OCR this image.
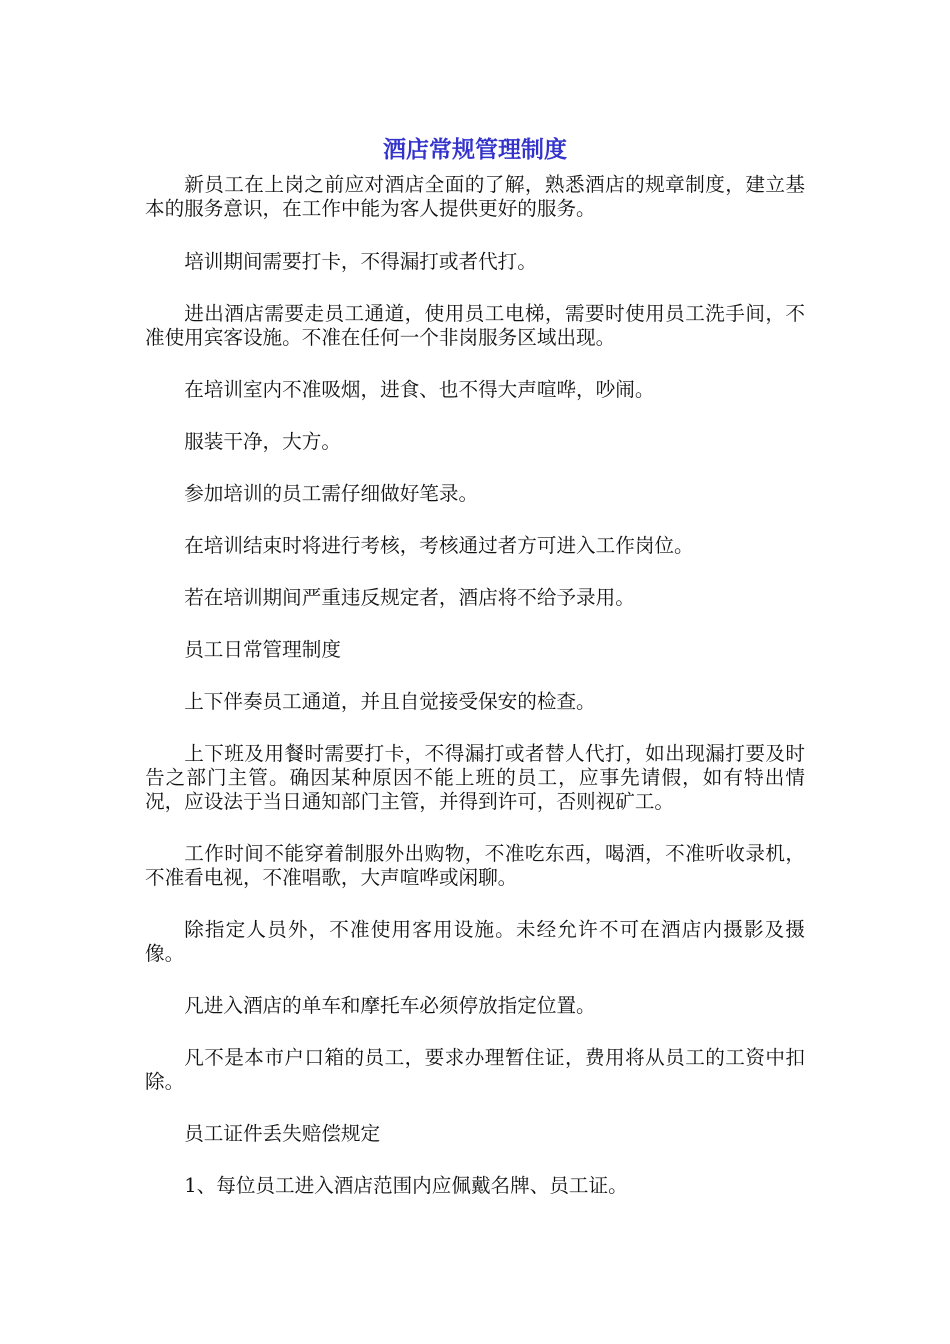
酒店常规管理制度

新员工在上岗之前应对酒店全面的了解，熟悉酒店的规章制度，建立基本的服务意识，在工作中能为客人提供更好的服务。

培训期间需要打卡，不得漏打或者代打。

进出酒店需要走员工通道，使用员工电梯，需要时使用员工洗手间，不准使用宾客设施。不准在任何一个非岗服务区域出现。

在培训室内不准吸烟，进食、也不得大声喧哗，吵闹。

服装干净，大方。

参加培训的员工需仔细做好笔录。

在培训结束时将进行考核，考核通过者方可进入工作岗位。

若在培训期间严重违反规定者，酒店将不给予录用。

员工日常管理制度

上下伴奏员工通道，并且自觉接受保安的检查。

上下班及用餐时需要打卡，不得漏打或者替人代打，如出现漏打要及时告之部门主管。确因某种原因不能上班的员工，应事先请假，如有特出情况，应设法于当日通知部门主管，并得到许可，否则视矿工。

工作时间不能穿着制服外出购物，不准吃东西，喝酒，不准听收录机，不准看电视，不准唱歌，大声喧哗或闲聊。

除指定人员外，不准使用客用设施。未经允许不可在酒店内摄影及摄像。

凡进入酒店的单车和摩托车必须停放指定位置。

凡不是本市户口箱的员工，要求办理暂住证，费用将从员工的工资中扣除。

员工证件丢失赔偿规定

1、每位员工进入酒店范围内应佩戴名牌、员工证。
